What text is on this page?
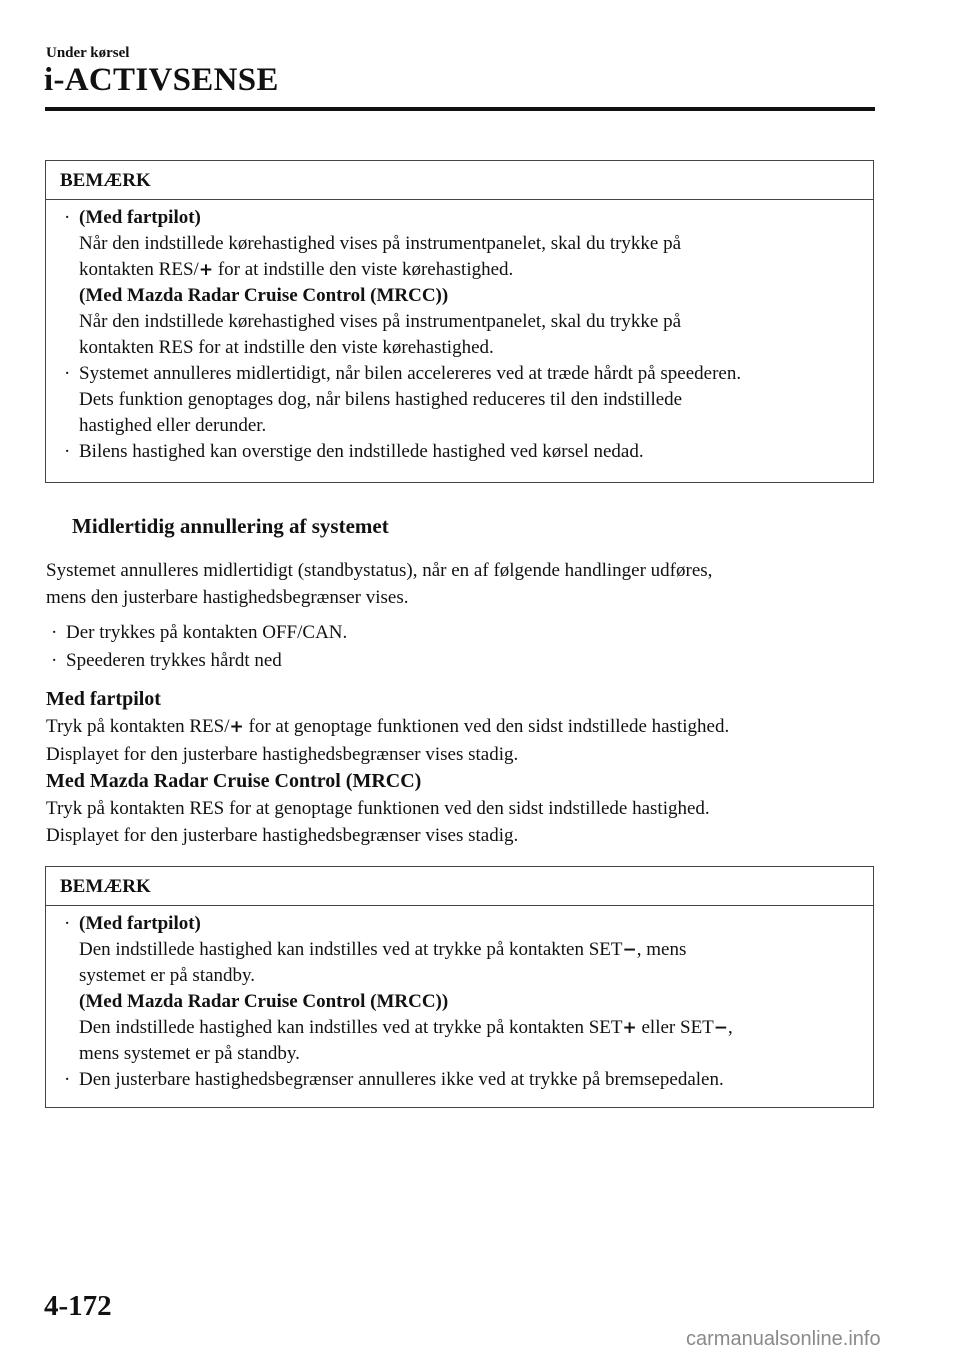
Under kørsel
i-ACTIVSENSE
BEMÆRK
· (Med fartpilot)
Når den indstillede kørehastighed vises på instrumentpanelet, skal du trykke på
kontakten RES/+ for at indstille den viste kørehastighed.
(Med Mazda Radar Cruise Control (MRCC))
Når den indstillede kørehastighed vises på instrumentpanelet, skal du trykke på
kontakten RES for at indstille den viste kørehastighed.
· Systemet annulleres midlertidigt, når bilen accelereres ved at træde hårdt på speederen.
Dets funktion genoptages dog, når bilens hastighed reduceres til den indstillede
hastighed eller derunder.
· Bilens hastighed kan overstige den indstillede hastighed ved kørsel nedad.
Midlertidig annullering af systemet
Systemet annulleres midlertidigt (standbystatus), når en af følgende handlinger udføres,
mens den justerbare hastighedsbegrænser vises.
· Der trykkes på kontakten OFF/CAN.
· Speederen trykkes hårdt ned
Med fartpilot
Tryk på kontakten RES/+ for at genoptage funktionen ved den sidst indstillede hastighed.
Displayet for den justerbare hastighedsbegrænser vises stadig.
Med Mazda Radar Cruise Control (MRCC)
Tryk på kontakten RES for at genoptage funktionen ved den sidst indstillede hastighed.
Displayet for den justerbare hastighedsbegrænser vises stadig.
BEMÆRK
· (Med fartpilot)
Den indstillede hastighed kan indstilles ved at trykke på kontakten SET−, mens
systemet er på standby.
(Med Mazda Radar Cruise Control (MRCC))
Den indstillede hastighed kan indstilles ved at trykke på kontakten SET+ eller SET−,
mens systemet er på standby.
· Den justerbare hastighedsbegrænser annulleres ikke ved at trykke på bremsepedalen.
4-172
carmanualsonline.info
